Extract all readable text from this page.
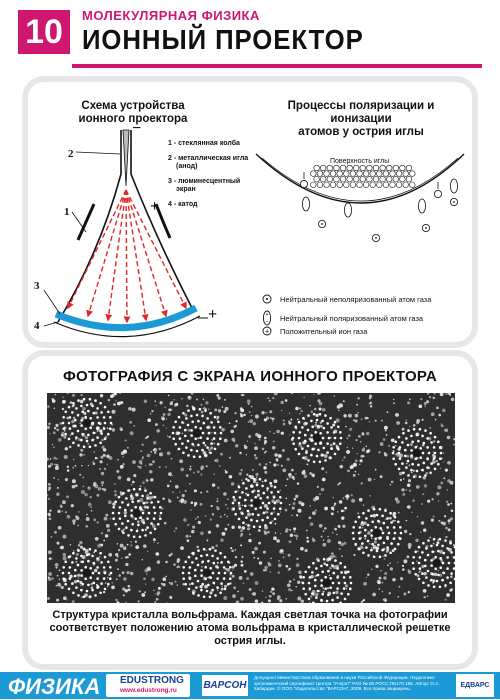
10	МОЛЕКУЛЯРНАЯ ФИЗИКА
ИОННЫЙ ПРОЕКТОР
Схема устройства
ионного проектора
2
1
3
4
−
+
+
1 - стеклянная колба
2 - металлическая игла
(анод)
3 - люминесцентный
экран
4 - катод
Процессы поляризации и ионизации
атомов у острия иглы
Поверхность иглы
Нейтральный неполяризованный атом газа
+
− Нейтральный поляризованный атом газа
+ Положительный ион газа
ФОТОГРАФИЯ С ЭКРАНА ИОННОГО ПРОЕКТОРА
Структура кристалла вольфрама. Каждая светлая точка на фотографии
соответствует положению атома вольфрама в кристаллической решетке
острия иглы.
ФИЗИКА EDUSTRONG
www.edustrong.ru	ВАРСОН
Допущено Министерством образования и науки Российской Федерации. Педагогико-эргономический сертификат Центра "Учпрот" РАО № 80.РОСС.ПБ178.188. Автор: О.А. Кабардин. © ООО "Издательство "ВАРСОН", 2009. Все права защищены.	ЕДВАРС
